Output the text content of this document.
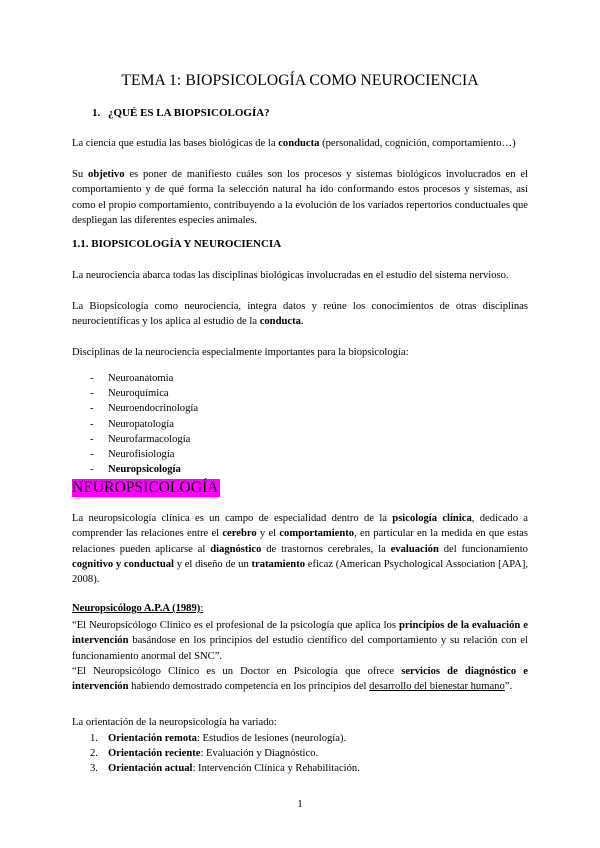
TEMA 1: BIOPSICOLOGÍA COMO NEUROCIENCIA
1. ¿QUÉ ES LA BIOPSICOLOGÍA?
La ciencia que estudia las bases biológicas de la conducta (personalidad, cognición, comportamiento…)
Su objetivo es poner de manifiesto cuáles son los procesos y sistemas biológicos involucrados en el comportamiento y de qué forma la selección natural ha ido conformando estos procesos y sistemas, así como el propio comportamiento, contribuyendo a la evolución de los variados repertorios conductuales que despliegan las diferentes especies animales.
1.1. BIOPSICOLOGÍA Y NEUROCIENCIA
La neurociencia abarca todas las disciplinas biológicas involucradas en el estudio del sistema nervioso.
La Biopsicología como neurociencia, integra datos y reúne los conocimientos de otras disciplinas neurocientíficas y los aplica al estudio de la conducta.
Disciplinas de la neurociencia especialmente importantes para la biopsicología:
- Neuroanatomía
- Neuroquímica
- Neuroendocrinología
- Neuropatología
- Neurofarmacología
- Neurofisiología
- Neuropsicología
NEUROPSICOLOGÍA
La neuropsicología clínica es un campo de especialidad dentro de la psicología clínica, dedicado a comprender las relaciones entre el cerebro y el comportamiento, en particular en la medida en que estas relaciones pueden aplicarse al diagnóstico de trastornos cerebrales, la evaluación del funcionamiento cognitivo y conductual y el diseño de un tratamiento eficaz (American Psychological Association [APA], 2008).
Neuropsicólogo A.P.A (1989):
“El Neuropsicólogo Clínico es el profesional de la psicología que aplica los principios de la evaluación e intervención basándose en los principios del estudio científico del comportamiento y su relación con el funcionamiento anormal del SNC”.
“El Neuropsicólogo Clínico es un Doctor en Psicología que ofrece servicios de diagnóstico e intervención habiendo demostrado competencia en los principios del desarrollo del bienestar humano”.
La orientación de la neuropsicología ha variado:
1. Orientación remota: Estudios de lesiones (neurología).
2. Orientación reciente: Evaluación y Diagnóstico.
3. Orientación actual: Intervención Clínica y Rehabilitación.
1
